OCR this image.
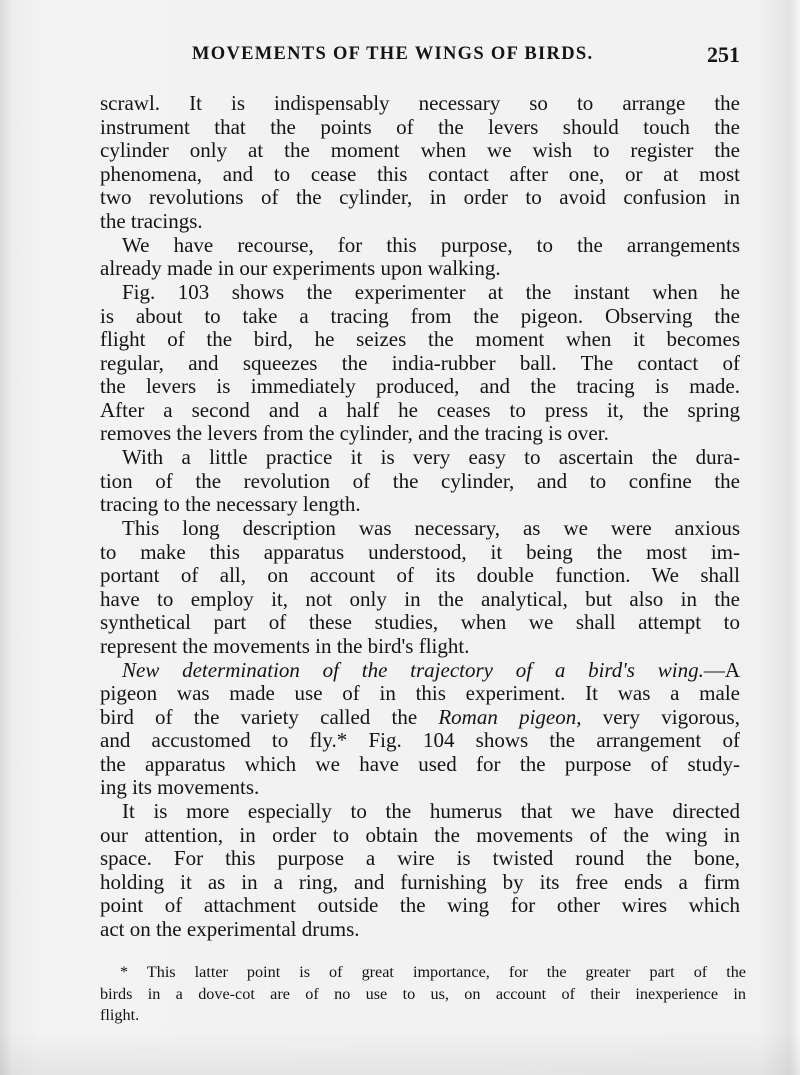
MOVEMENTS OF THE WINGS OF BIRDS.	251
scrawl. It is indispensably necessary so to arrange the
instrument that the points of the levers should touch the
cylinder only at the moment when we wish to register the
phenomena, and to cease this contact after one, or at most
two revolutions of the cylinder, in order to avoid confusion in
the tracings.
We have recourse, for this purpose, to the arrangements
already made in our experiments upon walking.
Fig. 103 shows the experimenter at the instant when he
is about to take a tracing from the pigeon. Observing the
flight of the bird, he seizes the moment when it becomes
regular, and squeezes the india-rubber ball. The contact of
the levers is immediately produced, and the tracing is made.
After a second and a half he ceases to press it, the spring
removes the levers from the cylinder, and the tracing is over.
With a little practice it is very easy to ascertain the dura-
tion of the revolution of the cylinder, and to confine the
tracing to the necessary length.
This long description was necessary, as we were anxious
to make this apparatus understood, it being the most im-
portant of all, on account of its double function. We shall
have to employ it, not only in the analytical, but also in the
synthetical part of these studies, when we shall attempt to
represent the movements in the bird's flight.
New determination of the trajectory of a bird's wing.—A
pigeon was made use of in this experiment. It was a male
bird of the variety called the Roman pigeon, very vigorous,
and accustomed to fly.* Fig. 104 shows the arrangement of
the apparatus which we have used for the purpose of study-
ing its movements.
It is more especially to the humerus that we have directed
our attention, in order to obtain the movements of the wing in
space. For this purpose a wire is twisted round the bone,
holding it as in a ring, and furnishing by its free ends a firm
point of attachment outside the wing for other wires which
act on the experimental drums.
* This latter point is of great importance, for the greater part of the
birds in a dove-cot are of no use to us, on account of their inexperience in
flight.
